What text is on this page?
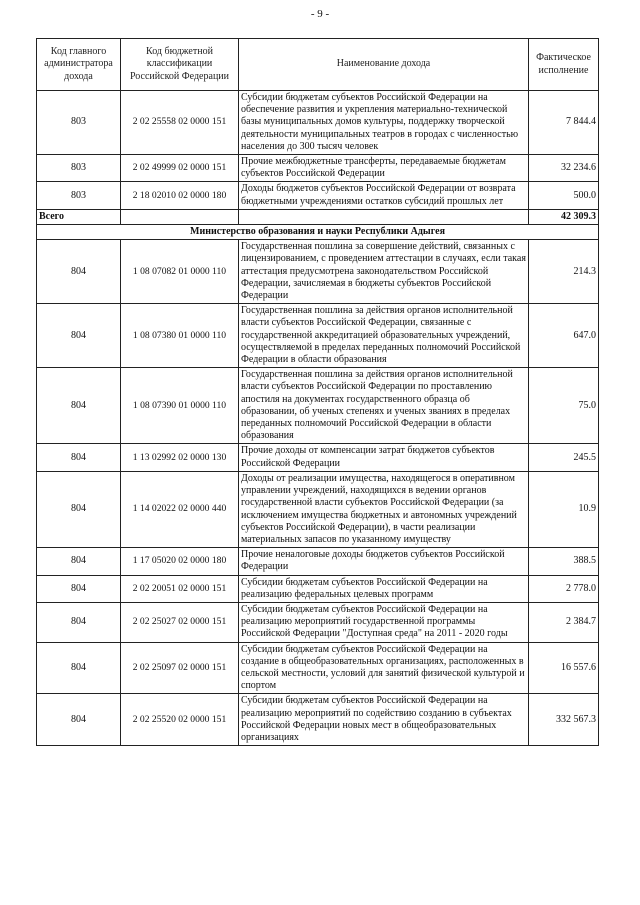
- 9 -
Код главного администратора дохода	Код бюджетной классификации Российской Федерации	Наименование дохода	Фактическое исполнение
803	2 02 25558 02 0000 151	Субсидии бюджетам субъектов Российской Федерации на обеспечение развития и укрепления материально-технической базы муниципальных домов культуры, поддержку творческой деятельности муниципальных театров в городах с численностью населения до 300 тысяч человек	7 844.4
803	2 02 49999 02 0000 151	Прочие межбюджетные трансферты, передаваемые бюджетам субъектов Российской Федерации	32 234.6
803	2 18 02010 02 0000 180	Доходы бюджетов субъектов Российской Федерации от возврата бюджетными учреждениями остатков субсидий прошлых лет	500.0
Всего			42 309.3
Министерство образования и науки Республики Адыгея			
804	1 08 07082 01 0000 110	Государственная пошлина за совершение действий, связанных с лицензированием, с проведением аттестации в случаях, если такая аттестация предусмотрена законодательством Российской Федерации, зачисляемая в бюджеты субъектов Российской Федерации	214.3
804	1 08 07380 01 0000 110	Государственная пошлина за действия органов исполнительной власти субъектов Российской Федерации, связанные с государственной аккредитацией образовательных учреждений, осуществляемой в пределах переданных полномочий Российской Федерации в области образования	647.0
804	1 08 07390 01 0000 110	Государственная пошлина за действия органов исполнительной власти субъектов Российской Федерации по проставлению апостиля на документах государственного образца об образовании, об ученых степенях и ученых званиях в пределах переданных полномочий Российской Федерации в области образования	75.0
804	1 13 02992 02 0000 130	Прочие доходы от компенсации затрат бюджетов субъектов Российской Федерации	245.5
804	1 14 02022 02 0000 440	Доходы от реализации имущества, находящегося в оперативном управлении учреждений, находящихся в ведении органов государственной власти субъектов Российской Федерации (за исключением имущества бюджетных и автономных учреждений субъектов Российской Федерации), в части реализации материальных запасов по указанному имуществу	10.9
804	1 17 05020 02 0000 180	Прочие неналоговые доходы бюджетов субъектов Российской Федерации	388.5
804	2 02 20051 02 0000 151	Субсидии бюджетам субъектов Российской Федерации на реализацию федеральных целевых программ	2 778.0
804	2 02 25027 02 0000 151	Субсидии бюджетам субъектов Российской Федерации на реализацию мероприятий государственной программы Российской Федерации "Доступная среда" на 2011 - 2020 годы	2 384.7
804	2 02 25097 02 0000 151	Субсидии бюджетам субъектов Российской Федерации на создание в общеобразовательных организациях, расположенных в сельской местности, условий для занятий физической культурой и спортом	16 557.6
804	2 02 25520 02 0000 151	Субсидии бюджетам субъектов Российской Федерации на реализацию мероприятий по содействию созданию в субъектах Российской Федерации новых мест в общеобразовательных организациях	332 567.3
